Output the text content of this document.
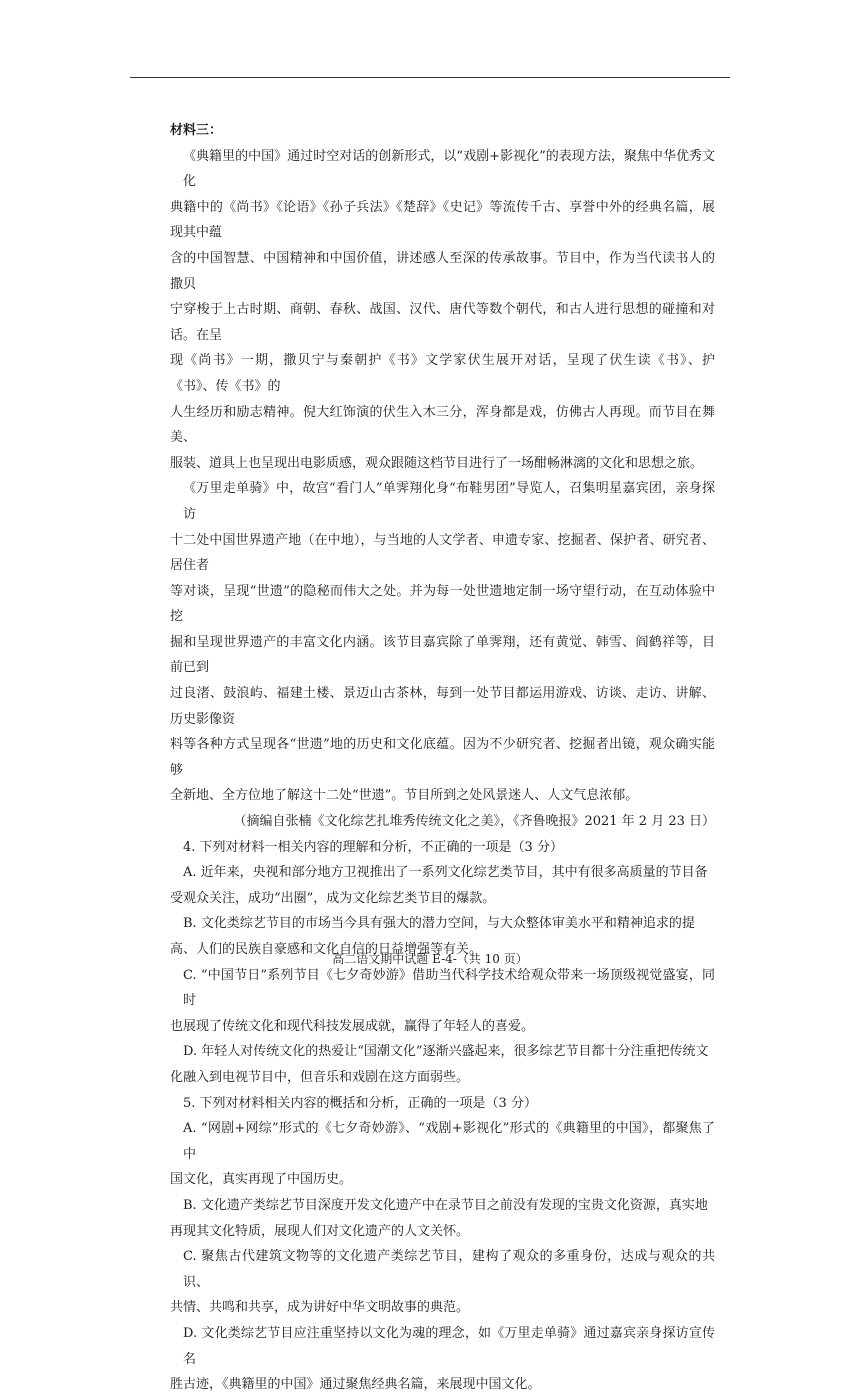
材料三：

《典籍里的中国》通过时空对话的创新形式，以“戏剧+影视化”的表现方法，聚焦中华优秀文化

典籍中的《尚书》《论语》《孙子兵法》《楚辞》《史记》等流传千古、享誉中外的经典名篇，展现其中蕴

含的中国智慧、中国精神和中国价值，讲述感人至深的传承故事。节目中，作为当代读书人的撒贝

宁穿梭于上古时期、商朝、春秋、战国、汉代、唐代等数个朝代，和古人进行思想的碰撞和对话。在呈

现《尚书》一期，撒贝宁与秦朝护《书》文学家伏生展开对话，呈现了伏生读《书》、护《书》、传《书》的

人生经历和励志精神。倪大红饰演的伏生入木三分，浑身都是戏，仿佛古人再现。而节目在舞美、

服装、道具上也呈现出电影质感，观众跟随这档节目进行了一场酣畅淋漓的文化和思想之旅。

《万里走单骑》中，故宫“看门人”单霁翔化身“布鞋男团”导览人，召集明星嘉宾团，亲身探访

十二处中国世界遗产地（在中地），与当地的人文学者、申遗专家、挖掘者、保护者、研究者、居住者

等对谈，呈现“世遗”的隐秘而伟大之处。并为每一处世遗地定制一场守望行动，在互动体验中挖

掘和呈现世界遗产的丰富文化内涵。该节目嘉宾除了单霁翔，还有黄觉、韩雪、阎鹤祥等，目前已到

过良渚、鼓浪屿、福建土楼、景迈山古茶林，每到一处节目都运用游戏、访谈、走访、讲解、历史影像资

料等各种方式呈现各“世遗”地的历史和文化底蕴。因为不少研究者、挖掘者出镜，观众确实能够

全新地、全方位地了解这十二处“世遗”。节目所到之处风景迷人、人文气息浓郁。

（摘编自张楠《文化综艺扎堆秀传统文化之美》，《齐鲁晚报》2021 年 2 月 23 日）

4. 下列对材料一相关内容的理解和分析，不正确的一项是（3 分）

A. 近年来，央视和部分地方卫视推出了一系列文化综艺类节目，其中有很多高质量的节目备

受观众关注，成功“出圈”，成为文化综艺类节目的爆款。

B. 文化类综艺节目的市场当今具有强大的潜力空间，与大众整体审美水平和精神追求的提

高、人们的民族自豪感和文化自信的日益增强等有关。

C. “中国节日”系列节目《七夕奇妙游》借助当代科学技术给观众带来一场顶级视觉盛宴，同时

也展现了传统文化和现代科技发展成就，赢得了年轻人的喜爱。

D. 年轻人对传统文化的热爱让“国潮文化”逐渐兴盛起来，很多综艺节目都十分注重把传统文

化融入到电视节目中，但音乐和戏剧在这方面弱些。

5. 下列对材料相关内容的概括和分析，正确的一项是（3 分）

A. “网剧+网综”形式的《七夕奇妙游》、“戏剧+影视化”形式的《典籍里的中国》，都聚焦了中

国文化，真实再现了中国历史。

B. 文化遗产类综艺节目深度开发文化遗产中在录节目之前没有发现的宝贵文化资源，真实地

再现其文化特质，展现人们对文化遗产的人文关怀。

C. 聚焦古代建筑文物等的文化遗产类综艺节目，建构了观众的多重身份，达成与观众的共识、

共情、共鸣和共享，成为讲好中华文明故事的典范。

D. 文化类综艺节目应注重坚持以文化为魂的理念，如《万里走单骑》通过嘉宾亲身探访宣传名

胜古迹，《典籍里的中国》通过聚焦经典名篇，来展现中国文化。

高二语文期中试题 E-4-（共 10 页）
